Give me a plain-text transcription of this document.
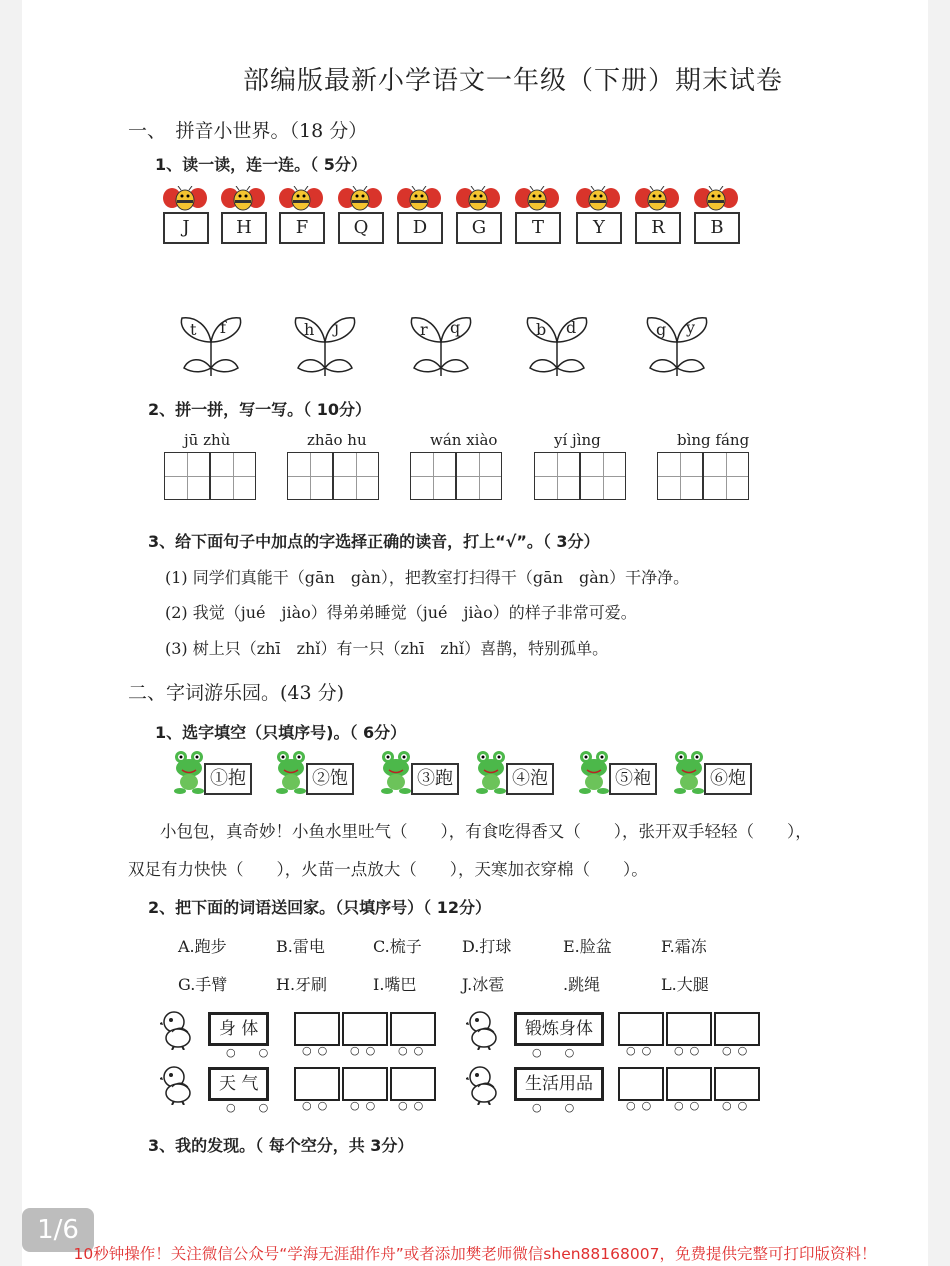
部编版最新小学语文一年级（下册）期末试卷
一、　拼音小世界。（18 分）
1、读一读，连一连。（ 5分）
J	H	F	Q	D	G	T	Y	R	B
t f	h j	r q	b d	g y
2、拼一拼，写一写。（ 10分）
jū zhù	zhāo hu	wán xiào	yí jìng	bìng fáng
3、给下面句子中加点的字选择正确的读音，打上“√”。（ 3分）
(1) 同学们真能干（gān　gàn），把教室打扫得干（gān　gàn）干净净。
(2) 我觉（jué　jiào）得弟弟睡觉（jué　jiào）的样子非常可爱。
(3) 树上只（zhī　zhǐ）有一只（zhī　zhǐ）喜鹊，特别孤单。
二、字词游乐园。(43 分)
1、选字填空（只填序号)。（ 6分）
①抱	②饱	③跑	④泡	⑤袍	⑥炮
小包包，真奇妙！小鱼水里吐气（　　），有食吃得香又（　　），张开双手轻轻（　　），
双足有力快快（　　），火苗一点放大（　　），天寒加衣穿棉（　　）。
2、把下面的词语送回家。（只填序号）（ 12分）
A.跑步	B.雷电	C.梳子	D.打球	E.脸盆	F.霜冻
G.手臂	H.牙刷	I.嘴巴	J.冰雹	.跳绳	L.大腿
身 体
○○ ○○ ○○
○　○
锻炼身体
○○ ○○ ○○
○　○
天 气
○○ ○○ ○○
○　○
生活用品
○○ ○○ ○○
○　○
3、我的发现。（ 每个空分，共 3分）
1/6
10秒钟操作！关注微信公众号“学海无涯甜作舟”或者添加樊老师微信shen88168007，免费提供完整可打印版资料！
